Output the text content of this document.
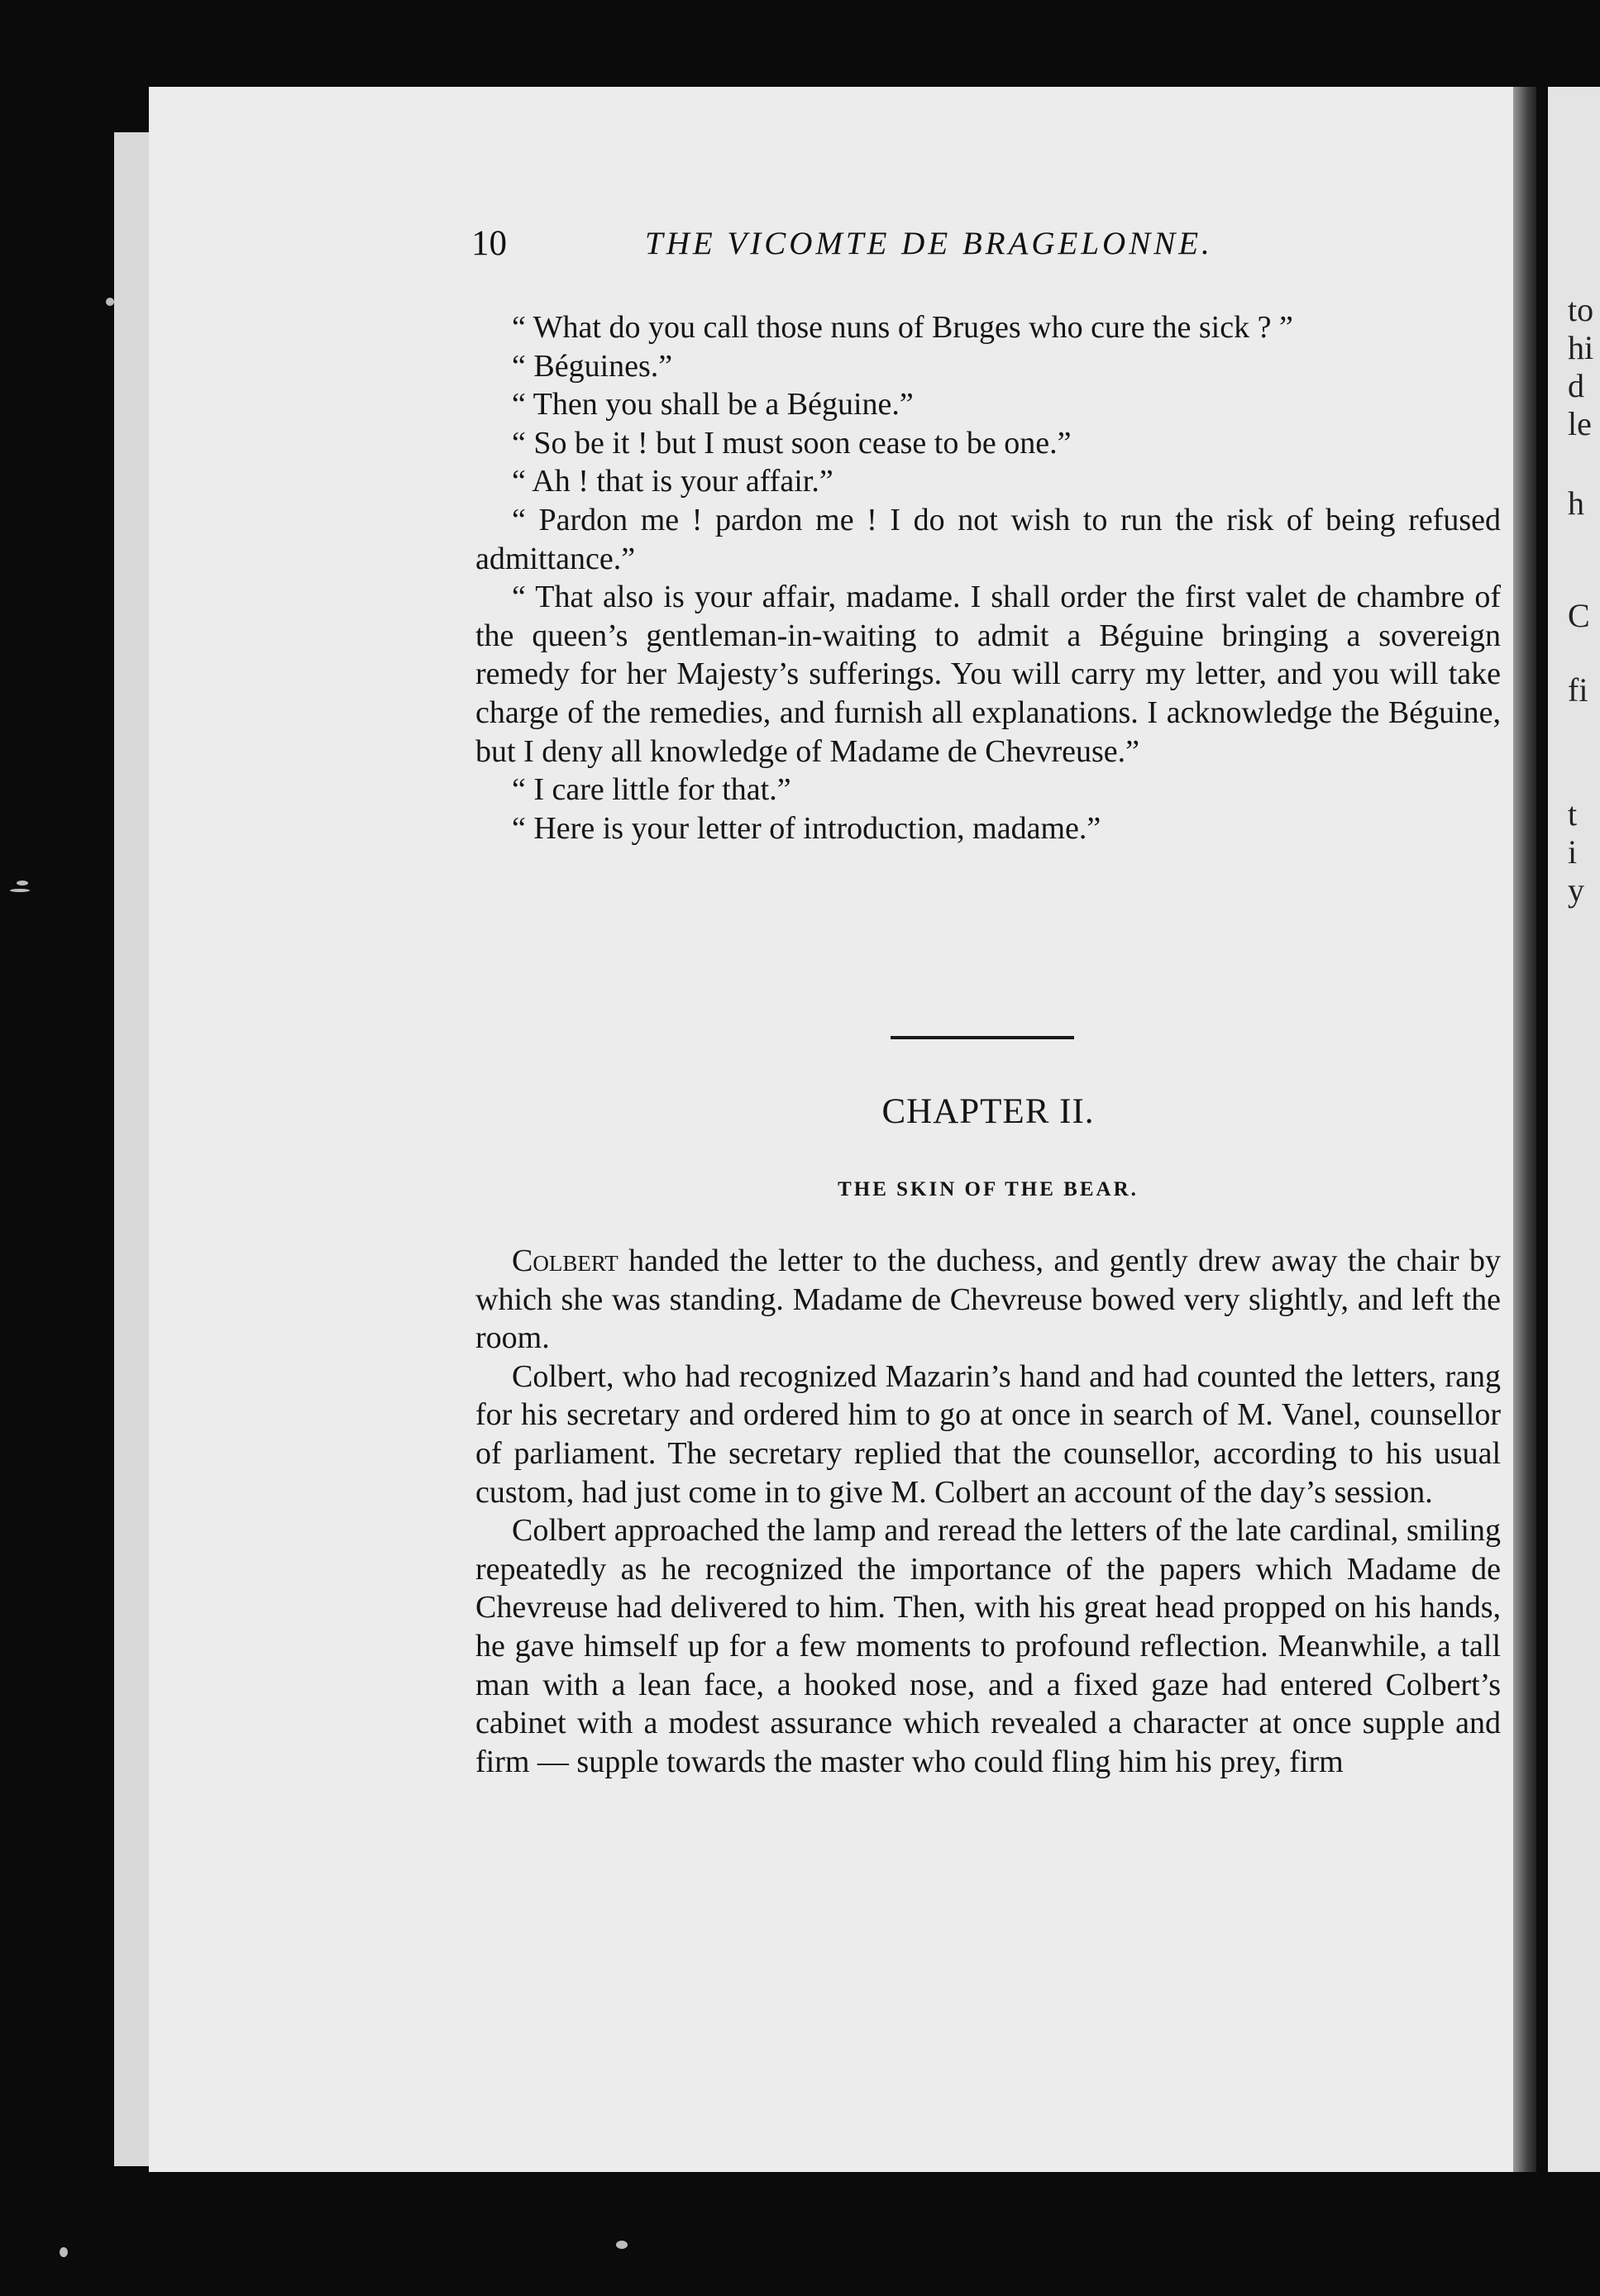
to
hi
d
le
h
C
fi
t
i
y
10	THE VICOMTE DE BRAGELONNE.

“ What do you call those nuns of Bruges who cure the sick ? ”

“ Béguines.”

“ Then you shall be a Béguine.”

“ So be it ! but I must soon cease to be one.”

“ Ah ! that is your affair.”

“ Pardon me ! pardon me ! I do not wish to run the risk of being refused admittance.”

“ That also is your affair, madame. I shall order the first valet de chambre of the queen’s gentleman-in-waiting to admit a Béguine bringing a sovereign remedy for her Majesty’s sufferings. You will carry my letter, and you will take charge of the remedies, and furnish all explanations. I acknowledge the Béguine, but I deny all knowledge of Madame de Chevreuse.”

“ I care little for that.”

“ Here is your letter of introduction, madame.”

CHAPTER II.
THE SKIN OF THE BEAR.

Colbert handed the letter to the duchess, and gently drew away the chair by which she was standing. Madame de Chevreuse bowed very slightly, and left the room.

Colbert, who had recognized Mazarin’s hand and had counted the letters, rang for his secretary and ordered him to go at once in search of M. Vanel, counsellor of parliament. The secretary replied that the counsellor, according to his usual custom, had just come in to give M. Colbert an account of the day’s session.

Colbert approached the lamp and reread the letters of the late cardinal, smiling repeatedly as he recognized the importance of the papers which Madame de Chevreuse had delivered to him. Then, with his great head propped on his hands, he gave himself up for a few moments to profound reflection. Meanwhile, a tall man with a lean face, a hooked nose, and a fixed gaze had entered Colbert’s cabinet with a modest assurance which revealed a character at once supple and firm — supple towards the master who could fling him his prey, firm
